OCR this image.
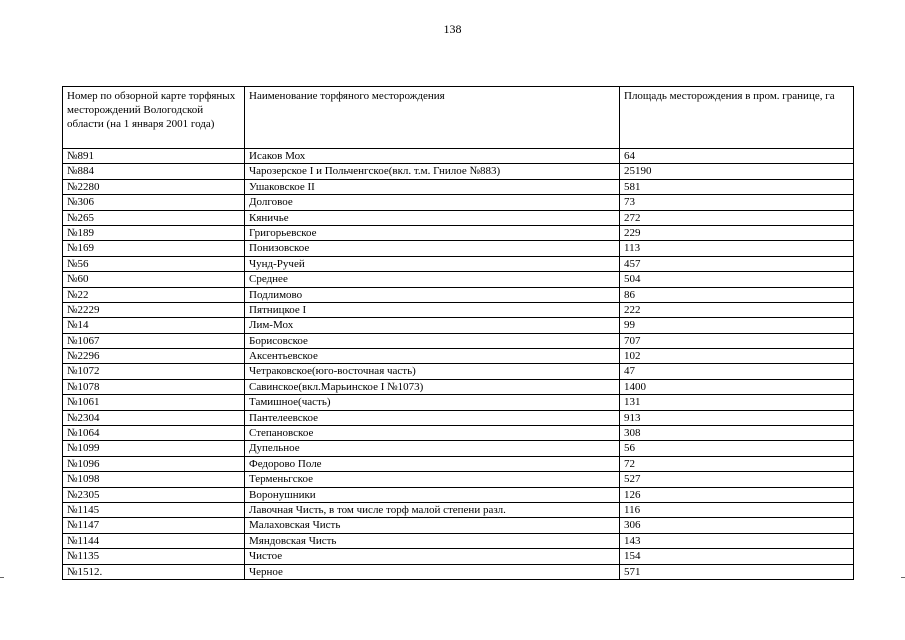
138
Номер по обзорной карте торфяных месторождений Вологодской области (на 1 января 2001 года)	Наименование торфяного месторождения	Площадь месторождения в пром. границе, га
№891	Исаков Мох	64
№884	Чарозерское I и Польченгское(вкл. т.м. Гнилое №883)	25190
№2280	Ушаковское II	581
№306	Долговое	73
№265	Кяничье	272
№189	Григорьевское	229
№169	Понизовское	113
№56	Чунд-Ручей	457
№60	Среднее	504
№22	Подлимово	86
№2229	Пятницкое I	222
№14	Лим-Мох	99
№1067	Борисовское	707
№2296	Аксентьевское	102
№1072	Четраковское(юго-восточная часть)	47
№1078	Савинское(вкл.Марьинское I №1073)	1400
№1061	Тамишное(часть)	131
№2304	Пантелеевское	913
№1064	Степановское	308
№1099	Дупельное	56
№1096	Федорово Поле	72
№1098	Терменьгское	527
№2305	Воронушники	126
№1145	Лавочная Чисть, в том числе торф малой степени разл.	116
№1147	Малаховская Чисть	306
№1144	Мяндовская Чисть	143
№1135	Чистое	154
№1512.	Черное	571
